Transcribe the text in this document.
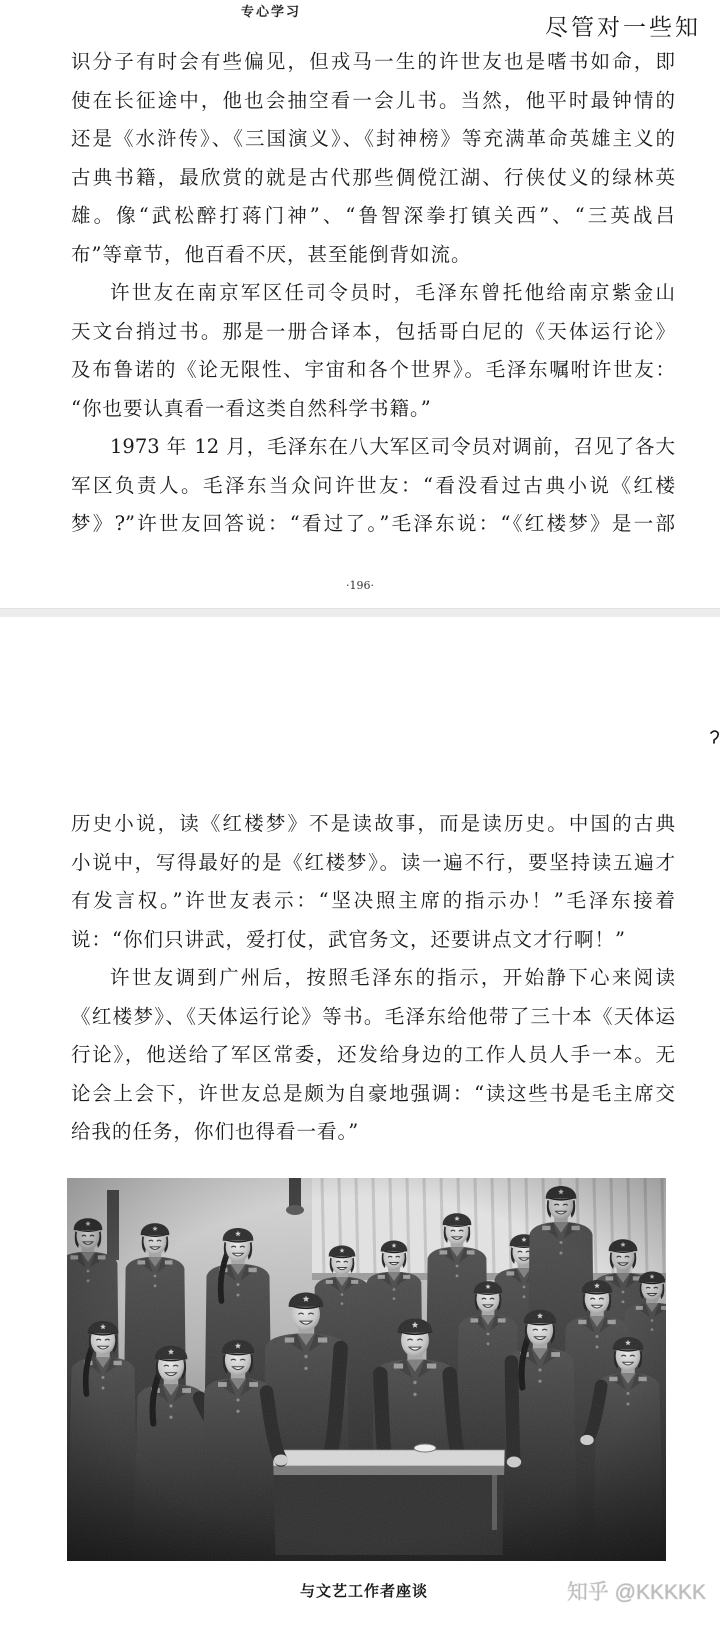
专心学习
尽管对一些知
识分子有时会有些偏见，但戎马一生的许世友也是嗜书如命，即
使在长征途中，他也会抽空看一会儿书。当然，他平时最钟情的
还是《水浒传》、《三国演义》、《封神榜》等充满革命英雄主义的
古典书籍，最欣赏的就是古代那些倜傥江湖、行侠仗义的绿林英
雄。像“武松醉打蒋门神”、“鲁智深拳打镇关西”、“三英战吕
布”等章节，他百看不厌，甚至能倒背如流。
许世友在南京军区任司令员时，毛泽东曾托他给南京紫金山
天文台捎过书。那是一册合译本，包括哥白尼的《天体运行论》
及布鲁诺的《论无限性、宇宙和各个世界》。毛泽东嘱咐许世友：
“你也要认真看一看这类自然科学书籍。”
1973 年 12 月，毛泽东在八大军区司令员对调前，召见了各大
军区负责人。毛泽东当众问许世友：“看没看过古典小说《红楼
梦》?”许世友回答说：“看过了。”毛泽东说：“《红楼梦》是一部
·196·
历史小说，读《红楼梦》不是读故事，而是读历史。中国的古典
小说中，写得最好的是《红楼梦》。读一遍不行，要坚持读五遍才
有发言权。”许世友表示：“坚决照主席的指示办！”毛泽东接着
说：“你们只讲武，爱打仗，武官务文，还要讲点文才行啊！”
许世友调到广州后，按照毛泽东的指示，开始静下心来阅读
《红楼梦》、《天体运行论》等书。毛泽东给他带了三十本《天体运
行论》，他送给了军区常委，还发给身边的工作人员人手一本。无
论会上会下，许世友总是颇为自豪地强调：“读这些书是毛主席交
给我的任务，你们也得看一看。”
与文艺工作者座谈	知乎 @KKKKK
